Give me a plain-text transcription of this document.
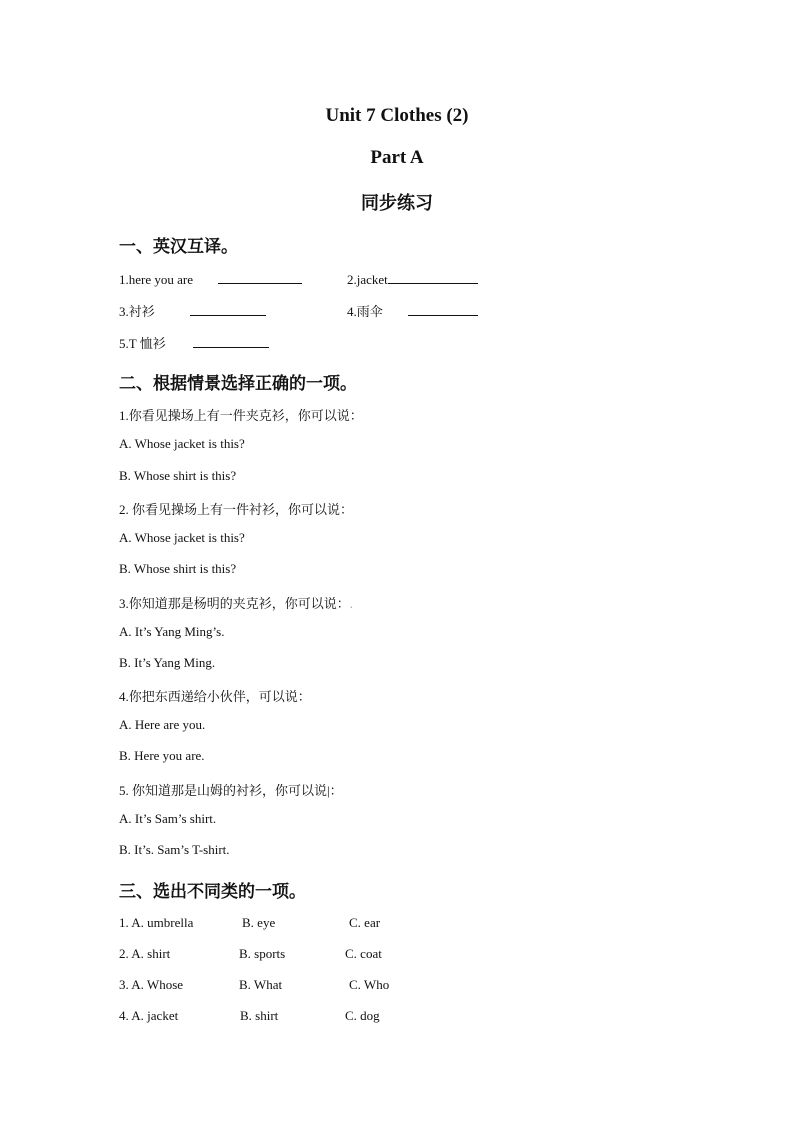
Unit 7 Clothes (2)
Part A
同步练习
一、英汉互译。
1.here you are	2.jacket
3.衬衫	4.雨伞
5.T 恤衫
二、根据情景选择正确的一项。
1.你看见操场上有一件夹克衫，你可以说：
A. Whose jacket is this?
B. Whose shirt is this?
2. 你看见操场上有一件衬衫，你可以说：
A. Whose jacket is this?
B. Whose shirt is this?
3.你知道那是杨明的夹克衫，你可以说：.
A. It’s Yang Ming’s.
B. It’s Yang Ming.
4.你把东西递给小伙伴，可以说：
A. Here are you.
B. Here you are.
5. 你知道那是山姆的衬衫，你可以说|：
A. It’s Sam’s shirt.
B. It’s. Sam’s T-shirt.
三、选出不同类的一项。
1. A. umbrella	B. eye	C. ear
2. A. shirt	B. sports	C. coat
3. A. Whose	B. What	C. Who
4. A. jacket	B. shirt	C. dog
